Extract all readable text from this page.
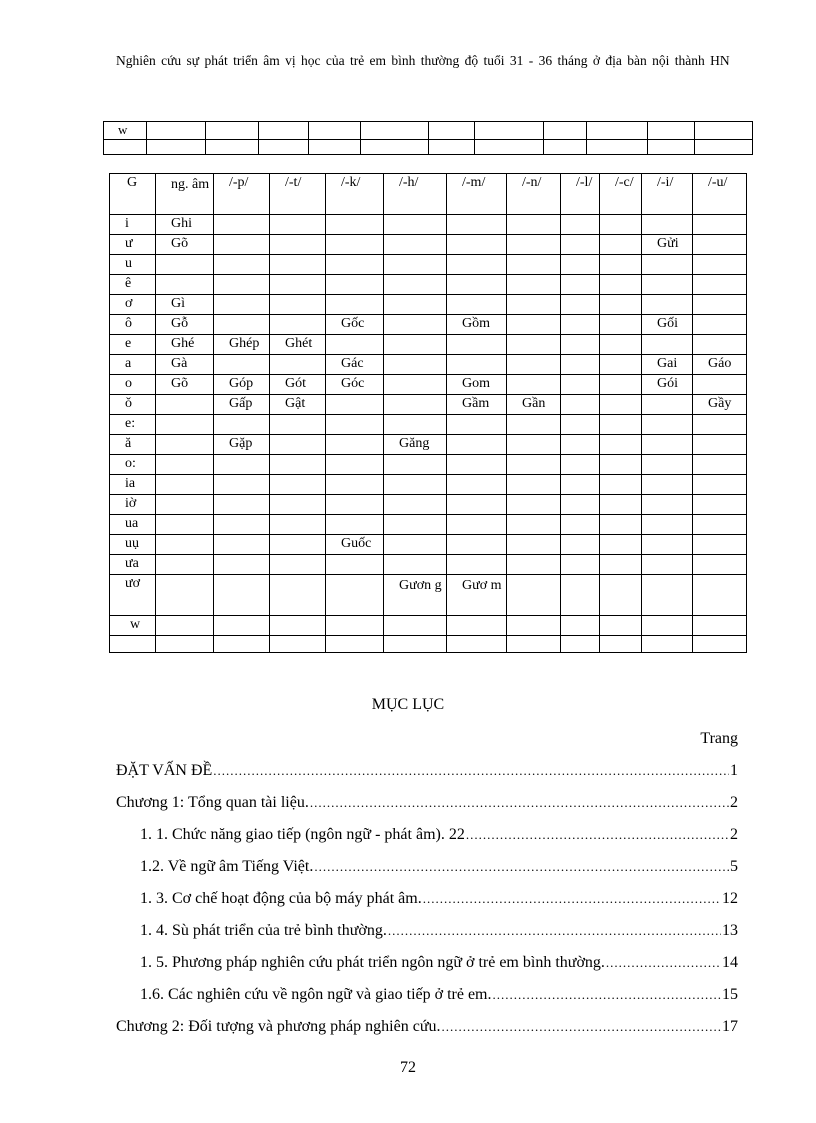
Nghiên cứu sự phát triển âm vị học của trẻ em bình thường độ tuổi 31 - 36 tháng ở địa bàn nội thành HN
w											

G	ng. âm	/-p/	/-t/	/-k/	/-h/	/-m/	/-n/	/-l/	/-c/	/-i/	/-u/
i	Ghi										
ư	Gõ									Gửi	
u											
ê											
ơ	Gì										
ô	Gỗ			Gốc		Gồm				Gối	
e	Ghé	Ghép	Ghét								
a	Gà			Gác						Gai	Gáo
o	Gõ	Góp	Gót	Góc		Gom				Gói	
ǒ		Gấp	Gật			Gầm	Gần				Gầy
e:											
ă		Gặp			Găng						
o:											
ia											
iờ											
ua											
uụ				Guốc							
ưa											
ươ					Gươn g	Gươ m					
w											

MỤC LỤC
Trang
ĐẶT VẤN ĐỀ .....	1
Chương 1: Tổng quan tài liệu. .....	2
1. 1. Chức năng giao tiếp (ngôn ngữ - phát âm). 22 .....	2
1.2. Về ngữ âm Tiếng Việt. .....	5
1. 3. Cơ chế hoạt động của bộ máy phát âm. .....	12
1. 4. Sù phát triển của trẻ bình thường. .....	13
1. 5. Phương pháp nghiên cứu phát triển ngôn ngữ ở trẻ em bình thường. .....	14
1.6. Các nghiên cứu về ngôn ngữ và giao tiếp ở trẻ em. .....	15
Chương 2: Đối tượng và phương pháp nghiên cứu. .....	17
72
